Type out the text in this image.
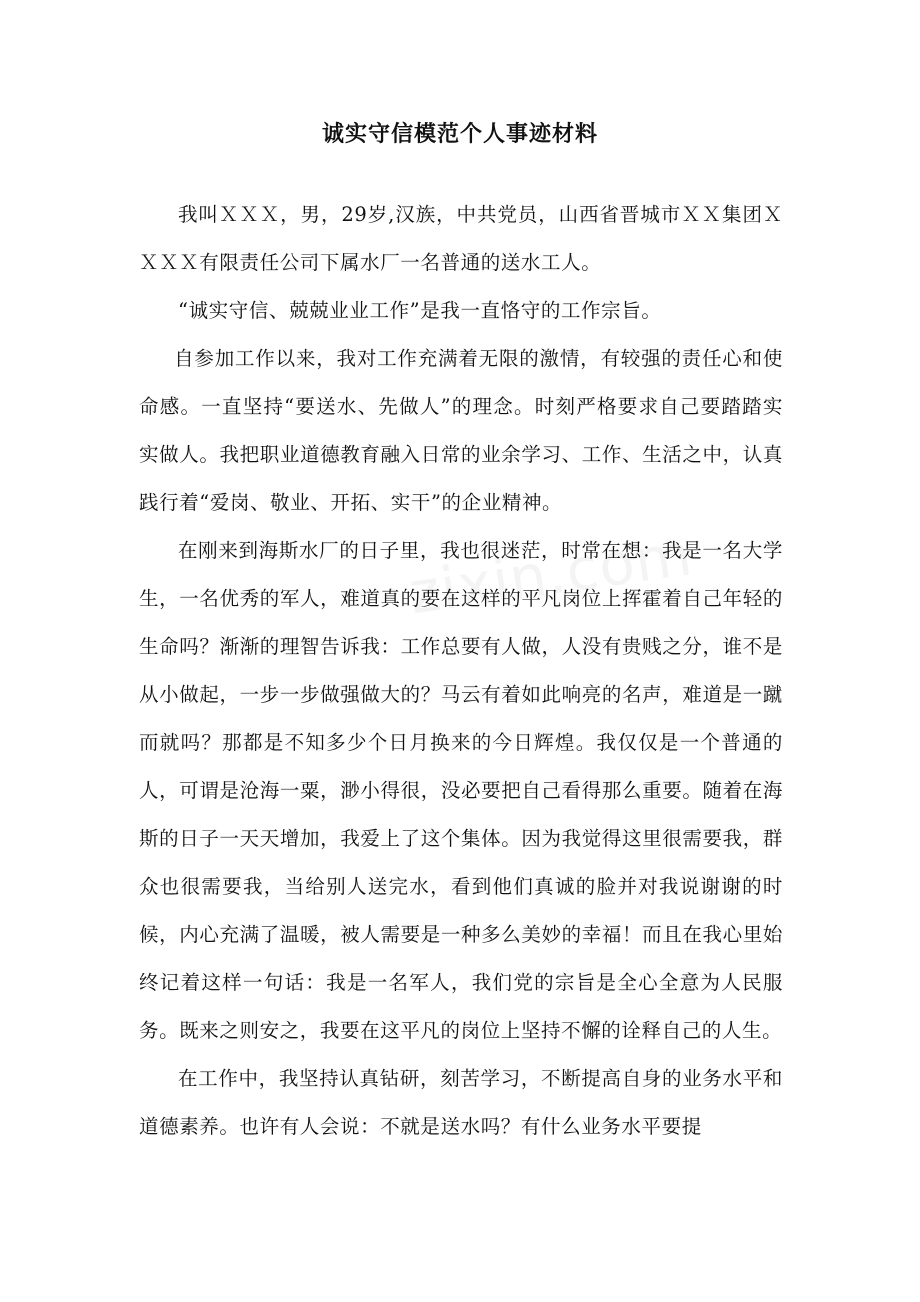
诚实守信模范个人事迹材料

我叫ＸＸＸ，男，29岁,汉族，中共党员，山西省晋城市ＸＸ集团ＸＸＸＸ有限责任公司下属水厂一名普通的送水工人。

“诚实守信、兢兢业业工作”是我一直恪守的工作宗旨。

自参加工作以来，我对工作充满着无限的激情，有较强的责任心和使命感。一直坚持“要送水、先做人”的理念。时刻严格要求自己要踏踏实实做人。我把职业道德教育融入日常的业余学习、工作、生活之中，认真践行着“爱岗、敬业、开拓、实干”的企业精神。

在刚来到海斯水厂的日子里，我也很迷茫，时常在想：我是一名大学生，一名优秀的军人，难道真的要在这样的平凡岗位上挥霍着自己年轻的生命吗？渐渐的理智告诉我：工作总要有人做，人没有贵贱之分，谁不是从小做起，一步一步做强做大的？马云有着如此响亮的名声，难道是一蹴而就吗？那都是不知多少个日月换来的今日辉煌。我仅仅是一个普通的人，可谓是沧海一粟，渺小得很，没必要把自己看得那么重要。随着在海斯的日子一天天增加，我爱上了这个集体。因为我觉得这里很需要我，群众也很需要我，当给别人送完水，看到他们真诚的脸并对我说谢谢的时候，内心充满了温暖，被人需要是一种多么美妙的幸福！而且在我心里始终记着这样一句话：我是一名军人，我们党的宗旨是全心全意为人民服务。既来之则安之，我要在这平凡的岗位上坚持不懈的诠释自己的人生。

在工作中，我坚持认真钻研，刻苦学习，不断提高自身的业务水平和道德素养。也许有人会说：不就是送水吗？有什么业务水平要提
